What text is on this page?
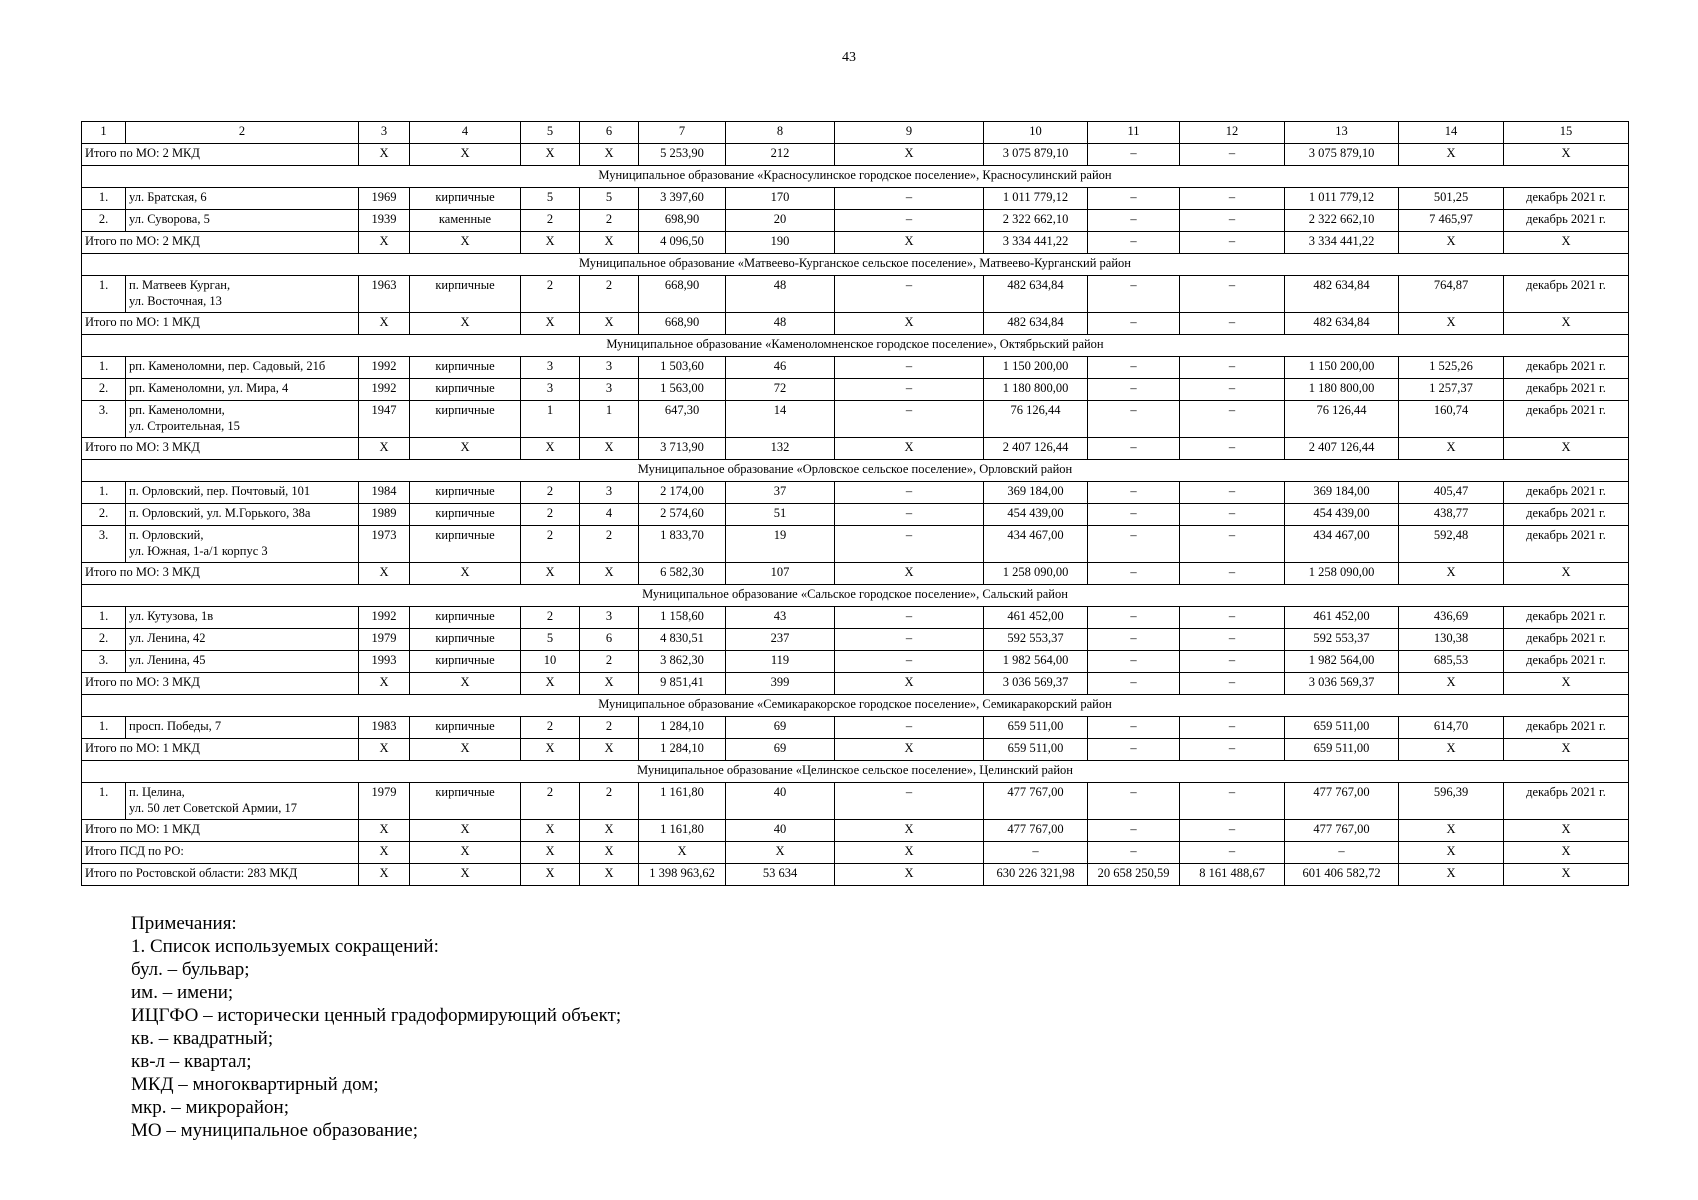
43
1	2	3	4	5	6	7	8	9	10	11	12	13	14	15
Итого по МО: 2 МКД		Х	Х	Х	Х	5 253,90	212	Х	3 075 879,10	–	–	3 075 879,10	Х	Х
Муниципальное образование «Красносулинское городское поселение», Красносулинский район														
1.	ул. Братская, 6	1969	кирпичные	5	5	3 397,60	170	–	1 011 779,12	–	–	1 011 779,12	501,25	декабрь 2021 г.
2.	ул. Суворова, 5	1939	каменные	2	2	698,90	20	–	2 322 662,10	–	–	2 322 662,10	7 465,97	декабрь 2021 г.
Итого по МО: 2 МКД		Х	Х	Х	Х	4 096,50	190	Х	3 334 441,22	–	–	3 334 441,22	Х	Х
Муниципальное образование «Матвеево-Курганское сельское поселение», Матвеево-Курганский район														
1.	п. Матвеев Курган,
ул. Восточная, 13	1963	кирпичные	2	2	668,90	48	–	482 634,84	–	–	482 634,84	764,87	декабрь 2021 г.
Итого по МО: 1 МКД		Х	Х	Х	Х	668,90	48	Х	482 634,84	–	–	482 634,84	Х	Х
Муниципальное образование «Каменоломненское городское поселение», Октябрьский район														
1.	рп. Каменоломни, пер. Садовый, 21б	1992	кирпичные	3	3	1 503,60	46	–	1 150 200,00	–	–	1 150 200,00	1 525,26	декабрь 2021 г.
2.	рп. Каменоломни, ул. Мира, 4	1992	кирпичные	3	3	1 563,00	72	–	1 180 800,00	–	–	1 180 800,00	1 257,37	декабрь 2021 г.
3.	рп. Каменоломни,
ул. Строительная, 15	1947	кирпичные	1	1	647,30	14	–	76 126,44	–	–	76 126,44	160,74	декабрь 2021 г.
Итого по МО: 3 МКД		Х	Х	Х	Х	3 713,90	132	Х	2 407 126,44	–	–	2 407 126,44	Х	Х
Муниципальное образование «Орловское сельское поселение», Орловский район														
1.	п. Орловский, пер. Почтовый, 101	1984	кирпичные	2	3	2 174,00	37	–	369 184,00	–	–	369 184,00	405,47	декабрь 2021 г.
2.	п. Орловский, ул. М.Горького, 38а	1989	кирпичные	2	4	2 574,60	51	–	454 439,00	–	–	454 439,00	438,77	декабрь 2021 г.
3.	п. Орловский,
ул. Южная, 1-а/1 корпус 3	1973	кирпичные	2	2	1 833,70	19	–	434 467,00	–	–	434 467,00	592,48	декабрь 2021 г.
Итого по МО: 3 МКД		Х	Х	Х	Х	6 582,30	107	Х	1 258 090,00	–	–	1 258 090,00	Х	Х
Муниципальное образование «Сальское городское поселение», Сальский район														
1.	ул. Кутузова, 1в	1992	кирпичные	2	3	1 158,60	43	–	461 452,00	–	–	461 452,00	436,69	декабрь 2021 г.
2.	ул. Ленина, 42	1979	кирпичные	5	6	4 830,51	237	–	592 553,37	–	–	592 553,37	130,38	декабрь 2021 г.
3.	ул. Ленина, 45	1993	кирпичные	10	2	3 862,30	119	–	1 982 564,00	–	–	1 982 564,00	685,53	декабрь 2021 г.
Итого по МО: 3 МКД		Х	Х	Х	Х	9 851,41	399	Х	3 036 569,37	–	–	3 036 569,37	Х	Х
Муниципальное образование «Семикаракорское городское поселение», Семикаракорский район														
1.	просп. Победы, 7	1983	кирпичные	2	2	1 284,10	69	–	659 511,00	–	–	659 511,00	614,70	декабрь 2021 г.
Итого по МО: 1 МКД		Х	Х	Х	Х	1 284,10	69	Х	659 511,00	–	–	659 511,00	Х	Х
Муниципальное образование «Целинское сельское поселение», Целинский район														
1.	п. Целина,
ул. 50 лет Советской Армии, 17	1979	кирпичные	2	2	1 161,80	40	–	477 767,00	–	–	477 767,00	596,39	декабрь 2021 г.
Итого по МО: 1 МКД		Х	Х	Х	Х	1 161,80	40	Х	477 767,00	–	–	477 767,00	Х	Х
Итого ПСД по РО:		Х	Х	Х	Х	Х	Х	Х	–	–	–	–	Х	Х
Итого по Ростовской области: 283 МКД		Х	Х	Х	Х	1 398 963,62	53 634	Х	630 226 321,98	20 658 250,59	8 161 488,67	601 406 582,72	Х	Х
Примечания:
1. Список используемых сокращений:
бул. – бульвар;
им. – имени;
ИЦГФО – исторически ценный градоформирующий объект;
кв. – квадратный;
кв-л – квартал;
МКД – многоквартирный дом;
мкр. – микрорайон;
МО – муниципальное образование;
